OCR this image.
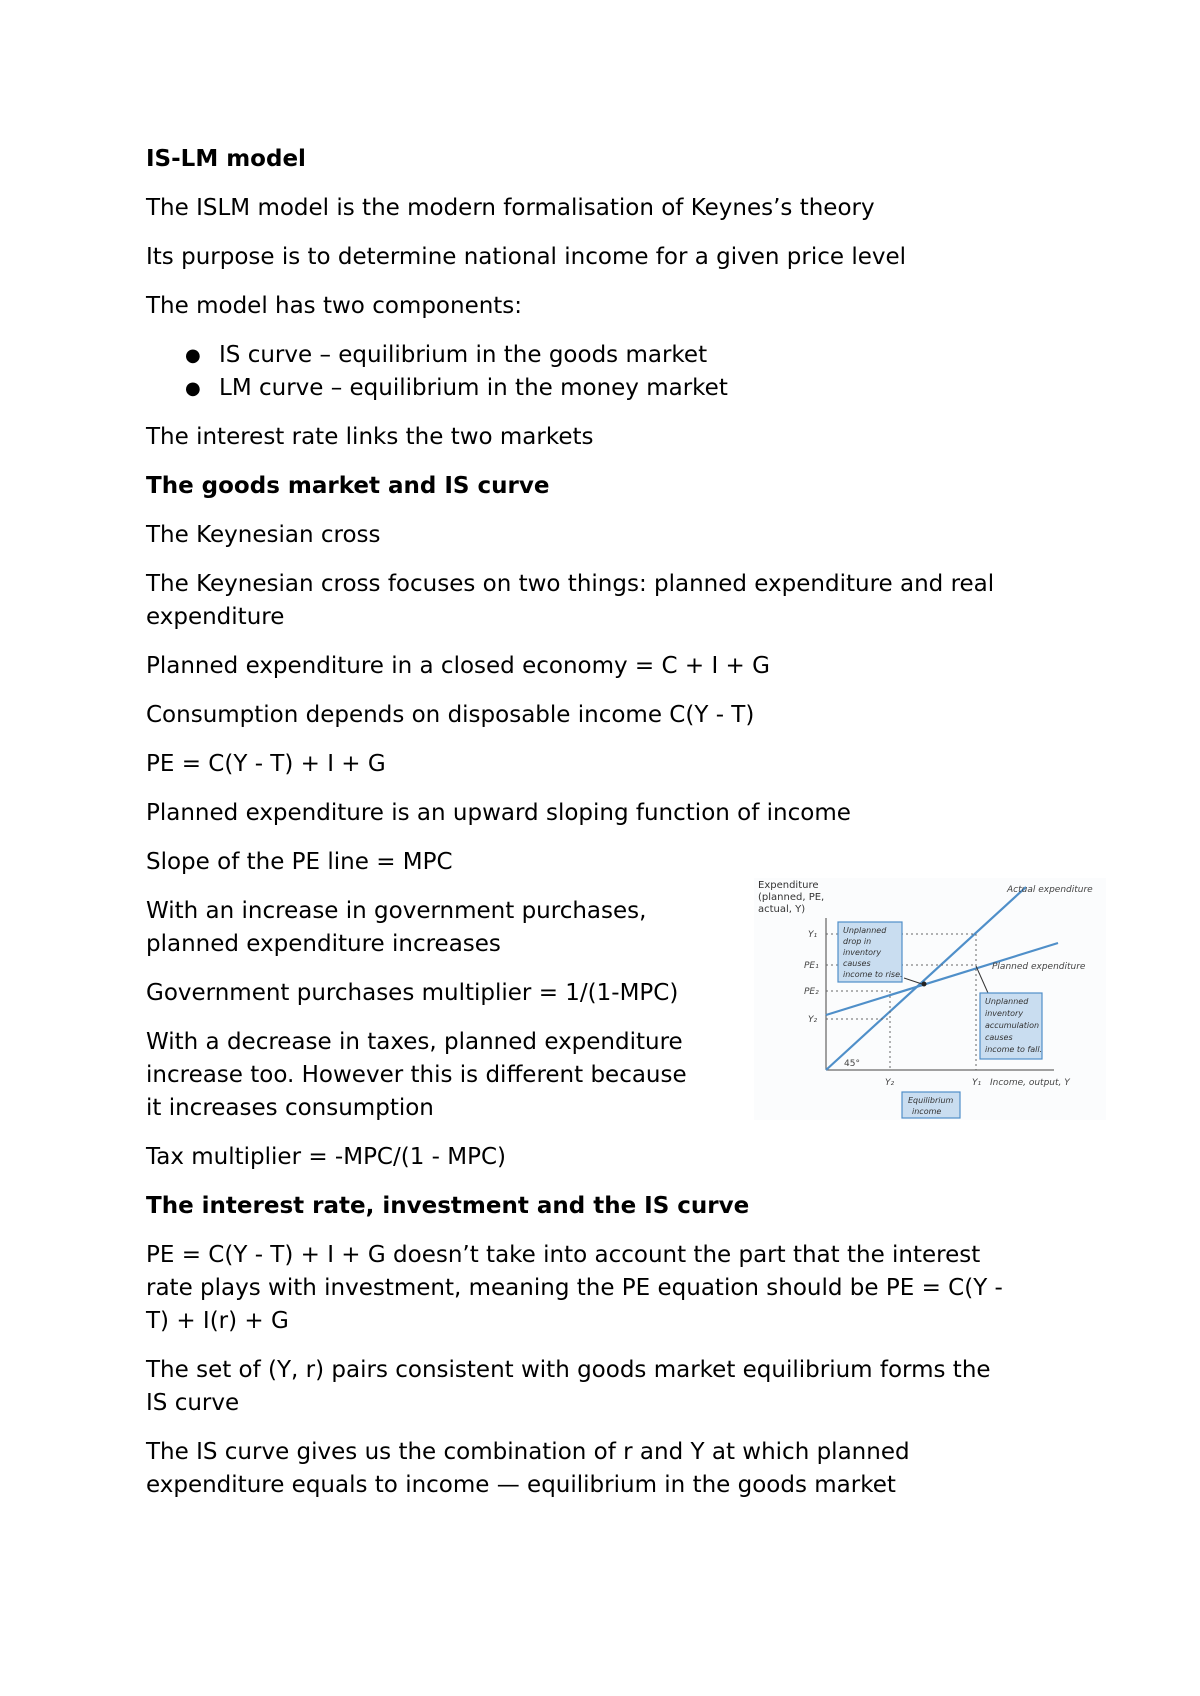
IS-LM model
The ISLM model is the modern formalisation of Keynes’s theory
Its purpose is to determine national income for a given price level
The model has two components:
● IS curve – equilibrium in the goods market
● LM curve – equilibrium in the money market
The interest rate links the two markets
The goods market and IS curve
The Keynesian cross
The Keynesian cross focuses on two things: planned expenditure and real
expenditure
Planned expenditure in a closed economy = C + I + G
Consumption depends on disposable income C(Y - T)
PE = C(Y - T) + I + G
Planned expenditure is an upward sloping function of income
Slope of the PE line = MPC
With an increase in government purchases,
planned expenditure increases
Government purchases multiplier = 1/(1-MPC)
With a decrease in taxes, planned expenditure
increase too. However this is different because
it increases consumption
Tax multiplier = -MPC/(1 - MPC)
The interest rate, investment and the IS curve
PE = C(Y - T) + I + G doesn’t take into account the part that the interest
rate plays with investment, meaning the PE equation should be PE = C(Y -
T) + I(r) + G
The set of (Y, r) pairs consistent with goods market equilibrium forms the
IS curve
The IS curve gives us the combination of r and Y at which planned
expenditure equals to income — equilibrium in the goods market
Expenditure (planned, PE, actual, Y)
Actual expenditure
Planned expenditure
45°
Y₁
PE₁
PE₂
Y₂
Y₂	Y₁ Income, output, Y
Unplanned drop in inventory causes income to rise.
Unplanned inventory accumulation causes income to fall.
Equilibrium income
